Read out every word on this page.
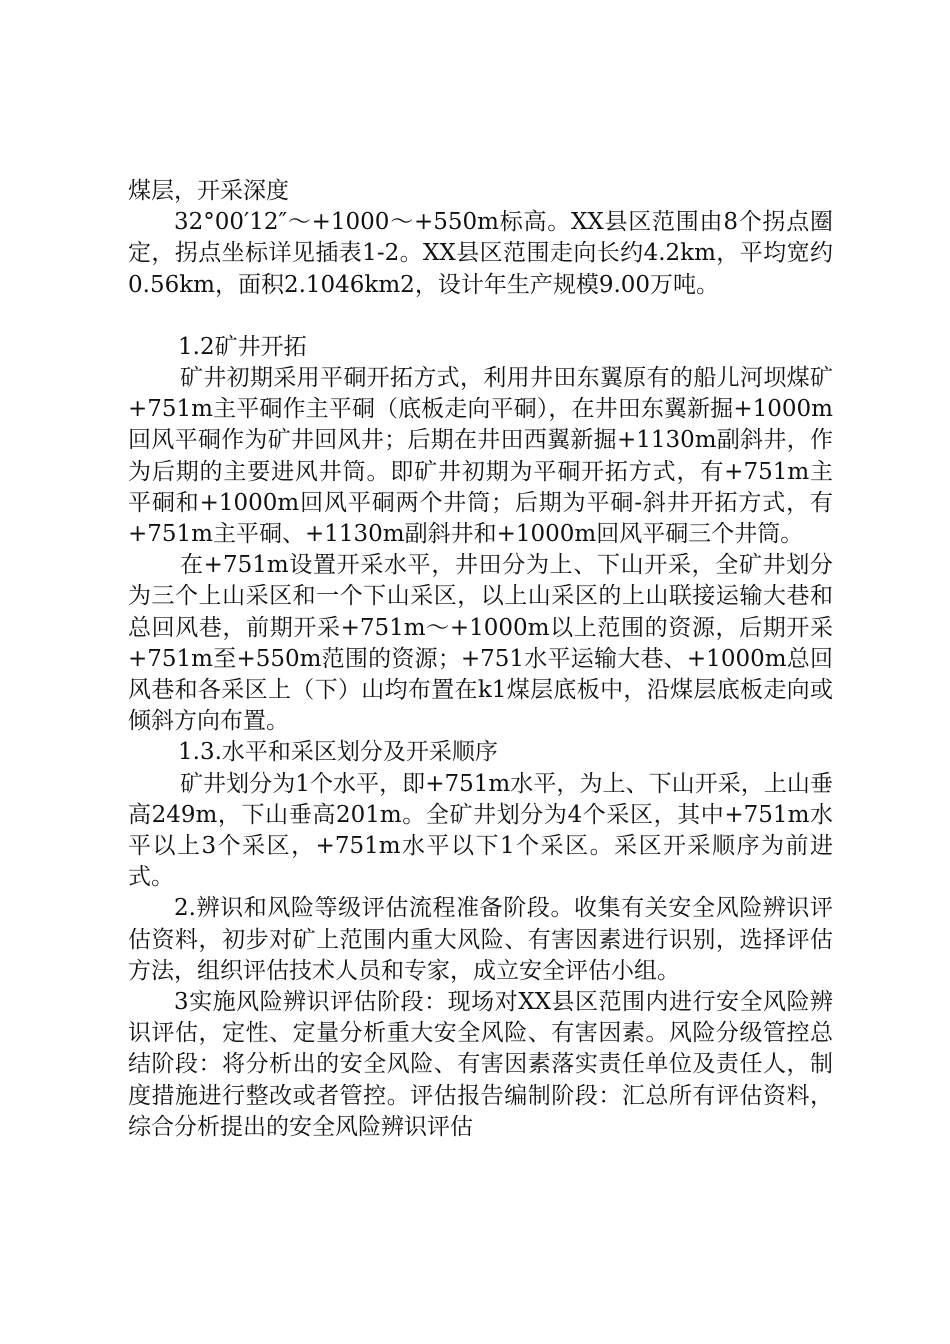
煤层，开采深度

32°00′12″～+1000～+550m标高。XX县区范围由8个拐点圈定，拐点坐标详见插表1-2。XX县区范围走向长约4.2km，平均宽约0.56km，面积2.1046km2，设计年生产规模9.00万吨。

1.2矿井开拓

矿井初期采用平硐开拓方式，利用井田东翼原有的船儿河坝煤矿+751m主平硐作主平硐（底板走向平硐），在井田东翼新掘+1000m回风平硐作为矿井回风井；后期在井田西翼新掘+1130m副斜井，作为后期的主要进风井筒。即矿井初期为平硐开拓方式，有+751m主平硐和+1000m回风平硐两个井筒；后期为平硐-斜井开拓方式，有+751m主平硐、+1130m副斜井和+1000m回风平硐三个井筒。

在+751m设置开采水平，井田分为上、下山开采，全矿井划分为三个上山采区和一个下山采区，以上山采区的上山联接运输大巷和总回风巷，前期开采+751m～+1000m以上范围的资源，后期开采+751m至+550m范围的资源；+751水平运输大巷、+1000m总回风巷和各采区上（下）山均布置在k1煤层底板中，沿煤层底板走向或倾斜方向布置。

1.3.水平和采区划分及开采顺序

矿井划分为1个水平，即+751m水平，为上、下山开采，上山垂高249m，下山垂高201m。全矿井划分为4个采区，其中+751m水平以上3个采区，+751m水平以下1个采区。采区开采顺序为前进式。

2.辨识和风险等级评估流程准备阶段。收集有关安全风险辨识评估资料，初步对矿上范围内重大风险、有害因素进行识别，选择评估方法，组织评估技术人员和专家，成立安全评估小组。

3实施风险辨识评估阶段：现场对XX县区范围内进行安全风险辨识评估，定性、定量分析重大安全风险、有害因素。风险分级管控总结阶段：将分析出的安全风险、有害因素落实责任单位及责任人，制度措施进行整改或者管控。评估报告编制阶段：汇总所有评估资料，综合分析提出的安全风险辨识评估
